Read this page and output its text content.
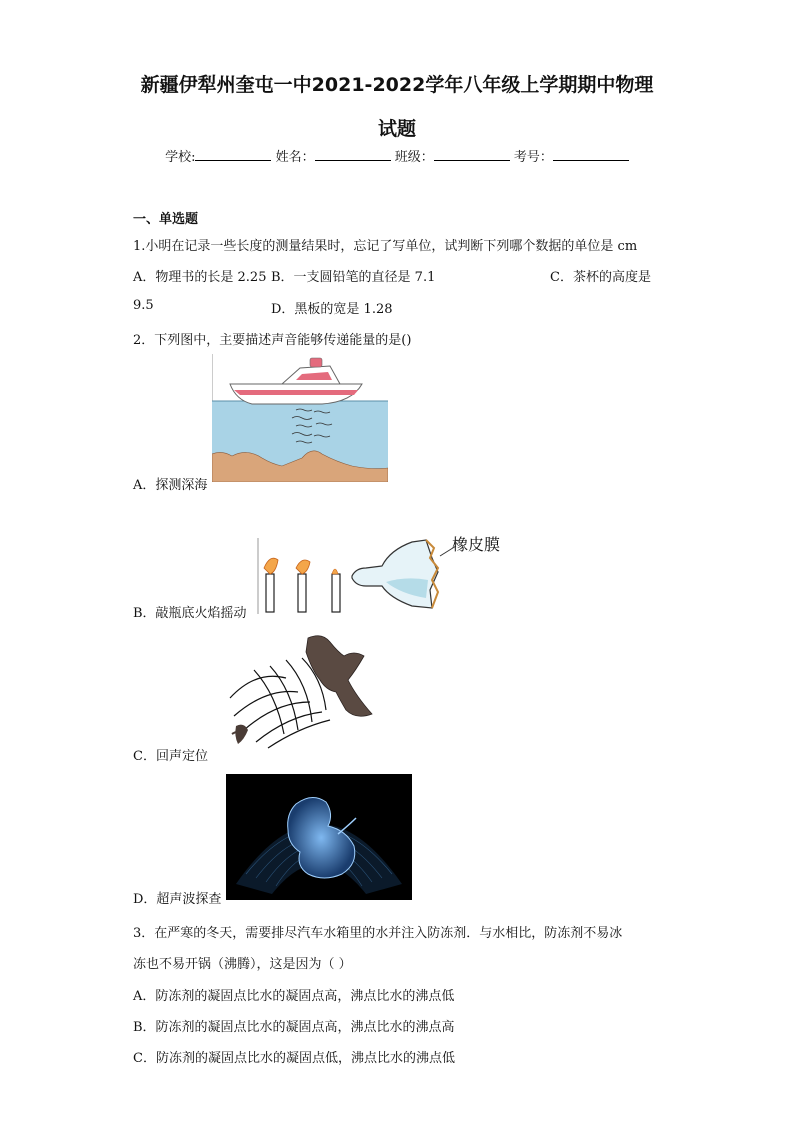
新疆伊犁州奎屯一中2021-2022学年八年级上学期期中物理
试题
学校:	姓名：	班级：	考号：
一、单选题
1.小明在记录一些长度的测量结果时，忘记了写单位，试判断下列哪个数据的单位是 cm
A．物理书的长是 2.25 B．一支圆铅笔的直径是 7.1	C．茶杯的高度是
9.5	D．黑板的宽是 1.28
2．下列图中，主要描述声音能够传递能量的是()
A．探测深海
橡皮膜
B．敲瓶底火焰摇动
C．回声定位
D．超声波探查
3．在严寒的冬天，需要排尽汽车水箱里的水并注入防冻剂．与水相比，防冻剂不易冰
冻也不易开锅（沸腾），这是因为（ ）
A．防冻剂的凝固点比水的凝固点高，沸点比水的沸点低
B．防冻剂的凝固点比水的凝固点高，沸点比水的沸点高
C．防冻剂的凝固点比水的凝固点低，沸点比水的沸点低
